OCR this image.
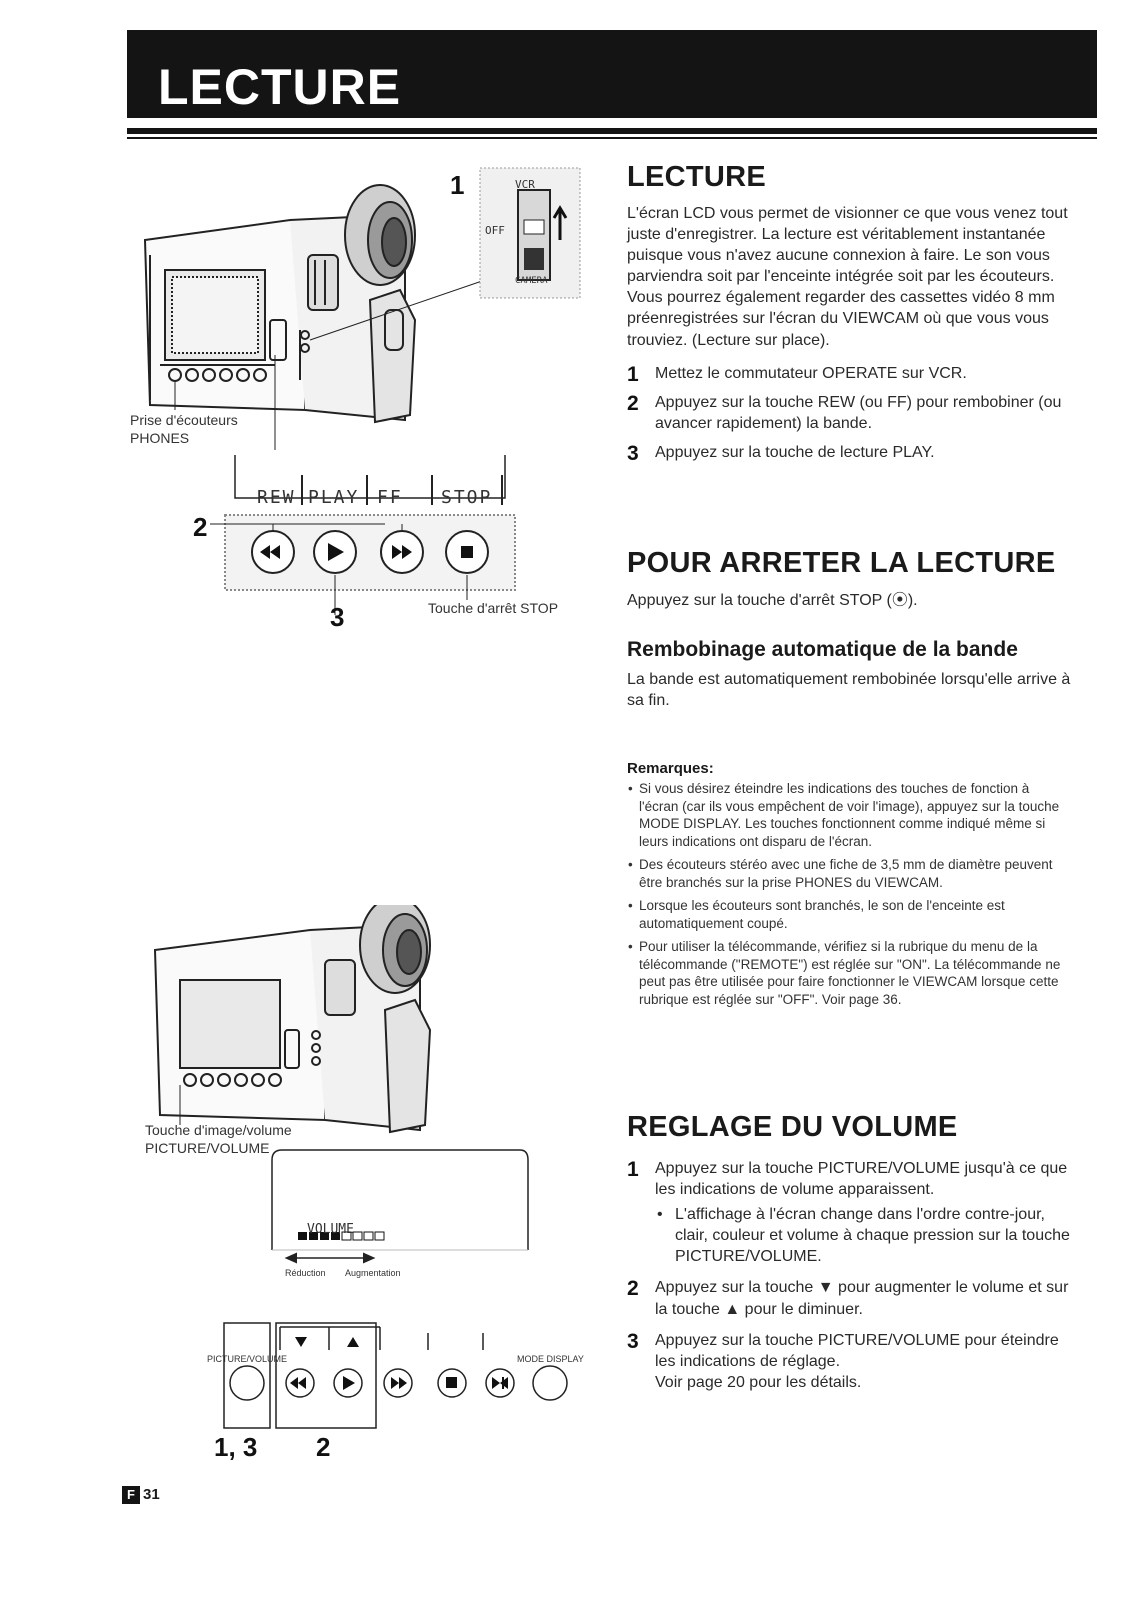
LECTURE
1	VCR
OFF
CAMERA
Prise d'écouteurs
PHONES
REW PLAY FF STOP
2
3	Touche d'arrêt STOP
Touche d'image/volume
PICTURE/VOLUME
VOLUME
Réduction Augmentation
PICTURE/VOLUME	MODE DISPLAY
1, 3 2
F 31
LECTURE

L'écran LCD vous permet de visionner ce que vous venez tout juste d'enregistrer. La lecture est véritablement instantanée puisque vous n'avez aucune connexion à faire. Le son vous parviendra soit par l'enceinte intégrée soit par les écouteurs. Vous pourrez également regarder des cassettes vidéo 8 mm préenregistrées sur l'écran du VIEWCAM où que vous vous trouviez. (Lecture sur place).

1 Mettez le commutateur OPERATE sur VCR.
2 Appuyez sur la touche REW (ou FF) pour rembobiner (ou avancer rapidement) la bande.
3 Appuyez sur la touche de lecture PLAY.
POUR ARRETER LA LECTURE

Appuyez sur la touche d'arrêt STOP (⦿).

Rembobinage automatique de la bande

La bande est automatiquement rembobinée lorsqu'elle arrive à sa fin.

Remarques:
• Si vous désirez éteindre les indications des touches de fonction à l'écran (car ils vous empêchent de voir l'image), appuyez sur la touche MODE DISPLAY. Les touches fonctionnent comme indiqué même si leurs indications ont disparu de l'écran.
• Des écouteurs stéréo avec une fiche de 3,5 mm de diamètre peuvent être branchés sur la prise PHONES du VIEWCAM.
• Lorsque les écouteurs sont branchés, le son de l'enceinte est automatiquement coupé.
• Pour utiliser la télécommande, vérifiez si la rubrique du menu de la télécommande ("REMOTE") est réglée sur "ON". La télécommande ne peut pas être utilisée pour faire fonctionner le VIEWCAM lorsque cette rubrique est réglée sur "OFF". Voir page 36.
REGLAGE DU VOLUME
1 Appuyez sur la touche PICTURE/VOLUME jusqu'à ce que les indications de volume apparaissent.
• L'affichage à l'écran change dans l'ordre contre-jour, clair, couleur et volume à chaque pression sur la touche PICTURE/VOLUME.
2 Appuyez sur la touche ▼ pour augmenter le volume et sur la touche ▲ pour le diminuer.
3 Appuyez sur la touche PICTURE/VOLUME pour éteindre les indications de réglage.
Voir page 20 pour les détails.
